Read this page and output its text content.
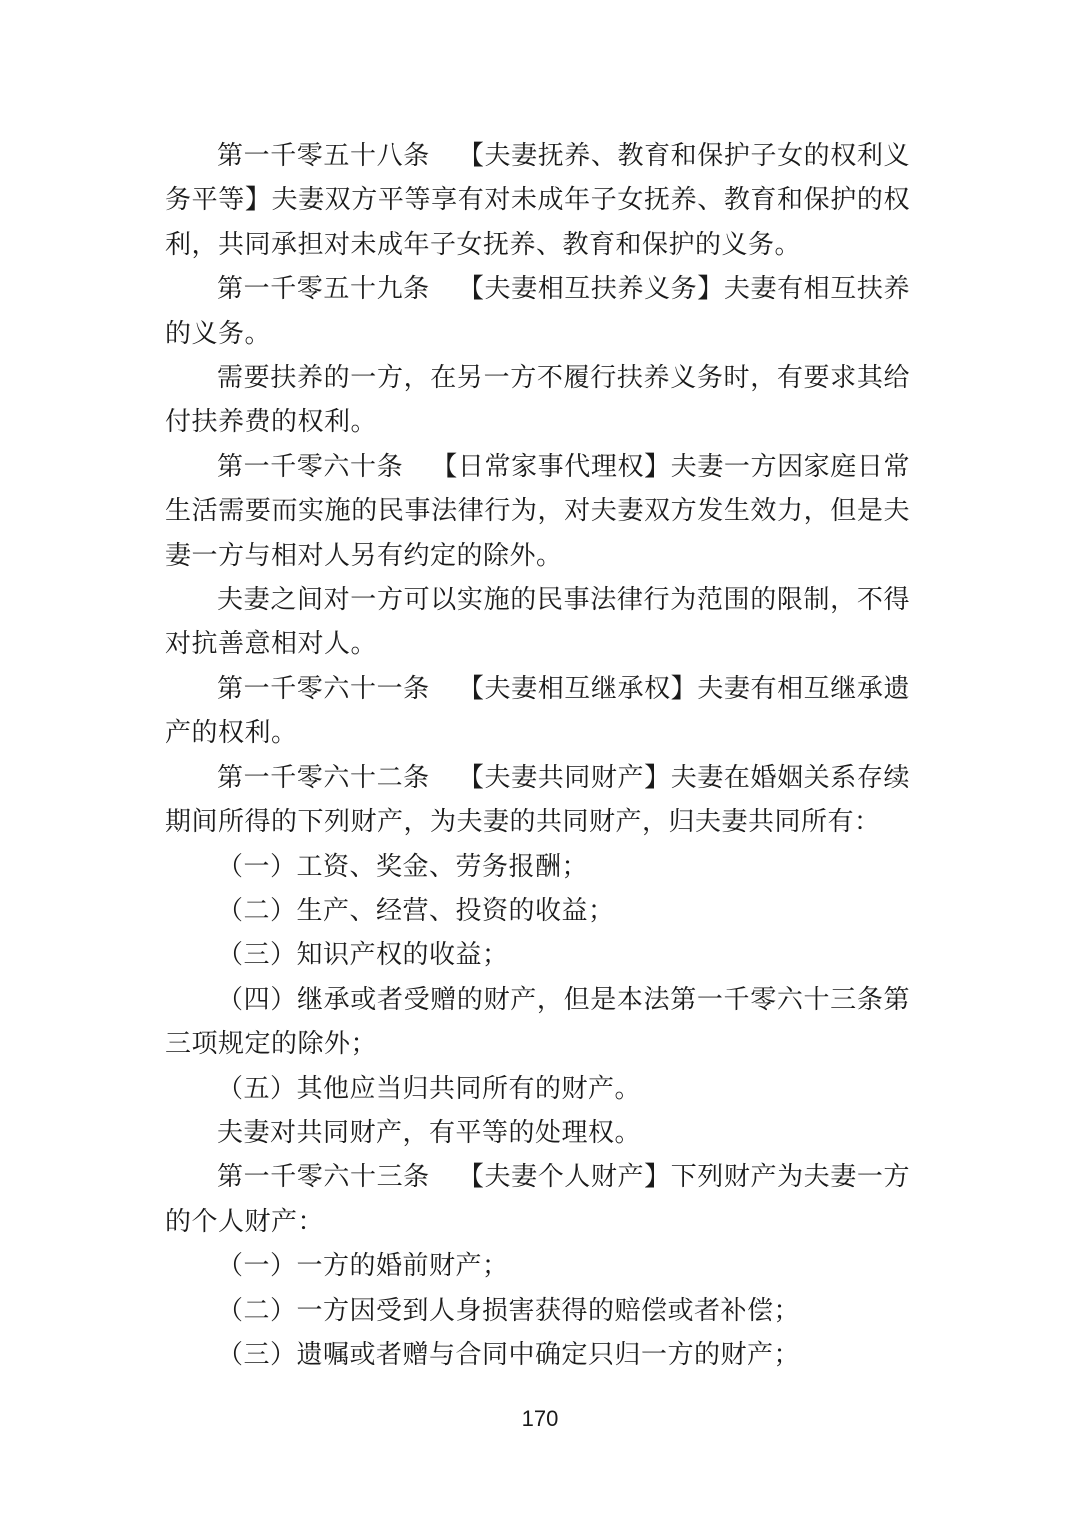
第一千零五十八条 【夫妻抚养、教育和保护子女的权利义务平等】夫妻双方平等享有对未成年子女抚养、教育和保护的权利，共同承担对未成年子女抚养、教育和保护的义务。

第一千零五十九条 【夫妻相互扶养义务】夫妻有相互扶养的义务。

需要扶养的一方，在另一方不履行扶养义务时，有要求其给付扶养费的权利。

第一千零六十条 【日常家事代理权】夫妻一方因家庭日常生活需要而实施的民事法律行为，对夫妻双方发生效力，但是夫妻一方与相对人另有约定的除外。

夫妻之间对一方可以实施的民事法律行为范围的限制，不得对抗善意相对人。

第一千零六十一条 【夫妻相互继承权】夫妻有相互继承遗产的权利。

第一千零六十二条 【夫妻共同财产】夫妻在婚姻关系存续期间所得的下列财产，为夫妻的共同财产，归夫妻共同所有：

（一）工资、奖金、劳务报酬；

（二）生产、经营、投资的收益；

（三）知识产权的收益；

（四）继承或者受赠的财产，但是本法第一千零六十三条第三项规定的除外；

（五）其他应当归共同所有的财产。

夫妻对共同财产，有平等的处理权。

第一千零六十三条 【夫妻个人财产】下列财产为夫妻一方的个人财产：

（一）一方的婚前财产；

（二）一方因受到人身损害获得的赔偿或者补偿；

（三）遗嘱或者赠与合同中确定只归一方的财产；

170
